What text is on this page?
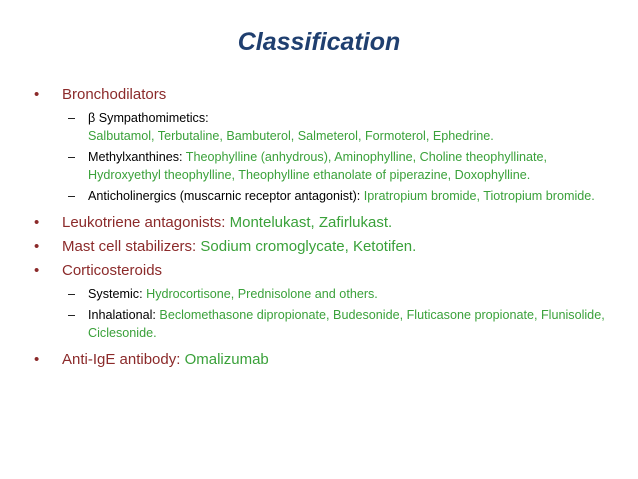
Classification
• Bronchodilators
– β Sympathomimetics:
Salbutamol, Terbutaline, Bambuterol, Salmeterol, Formoterol, Ephedrine.
– Methylxanthines: Theophylline (anhydrous), Aminophylline, Choline theophyllinate, Hydroxyethyl theophylline, Theophylline ethanolate of piperazine, Doxophylline.
– Anticholinergics (muscarnic receptor antagonist): Ipratropium bromide, Tiotropium bromide.
• Leukotriene antagonists: Montelukast, Zafirlukast.
• Mast cell stabilizers: Sodium cromoglycate, Ketotifen.
• Corticosteroids
– Systemic: Hydrocortisone, Prednisolone and others.
– Inhalational: Beclomethasone dipropionate, Budesonide, Fluticasone propionate, Flunisolide, Ciclesonide.
• Anti-IgE antibody: Omalizumab
